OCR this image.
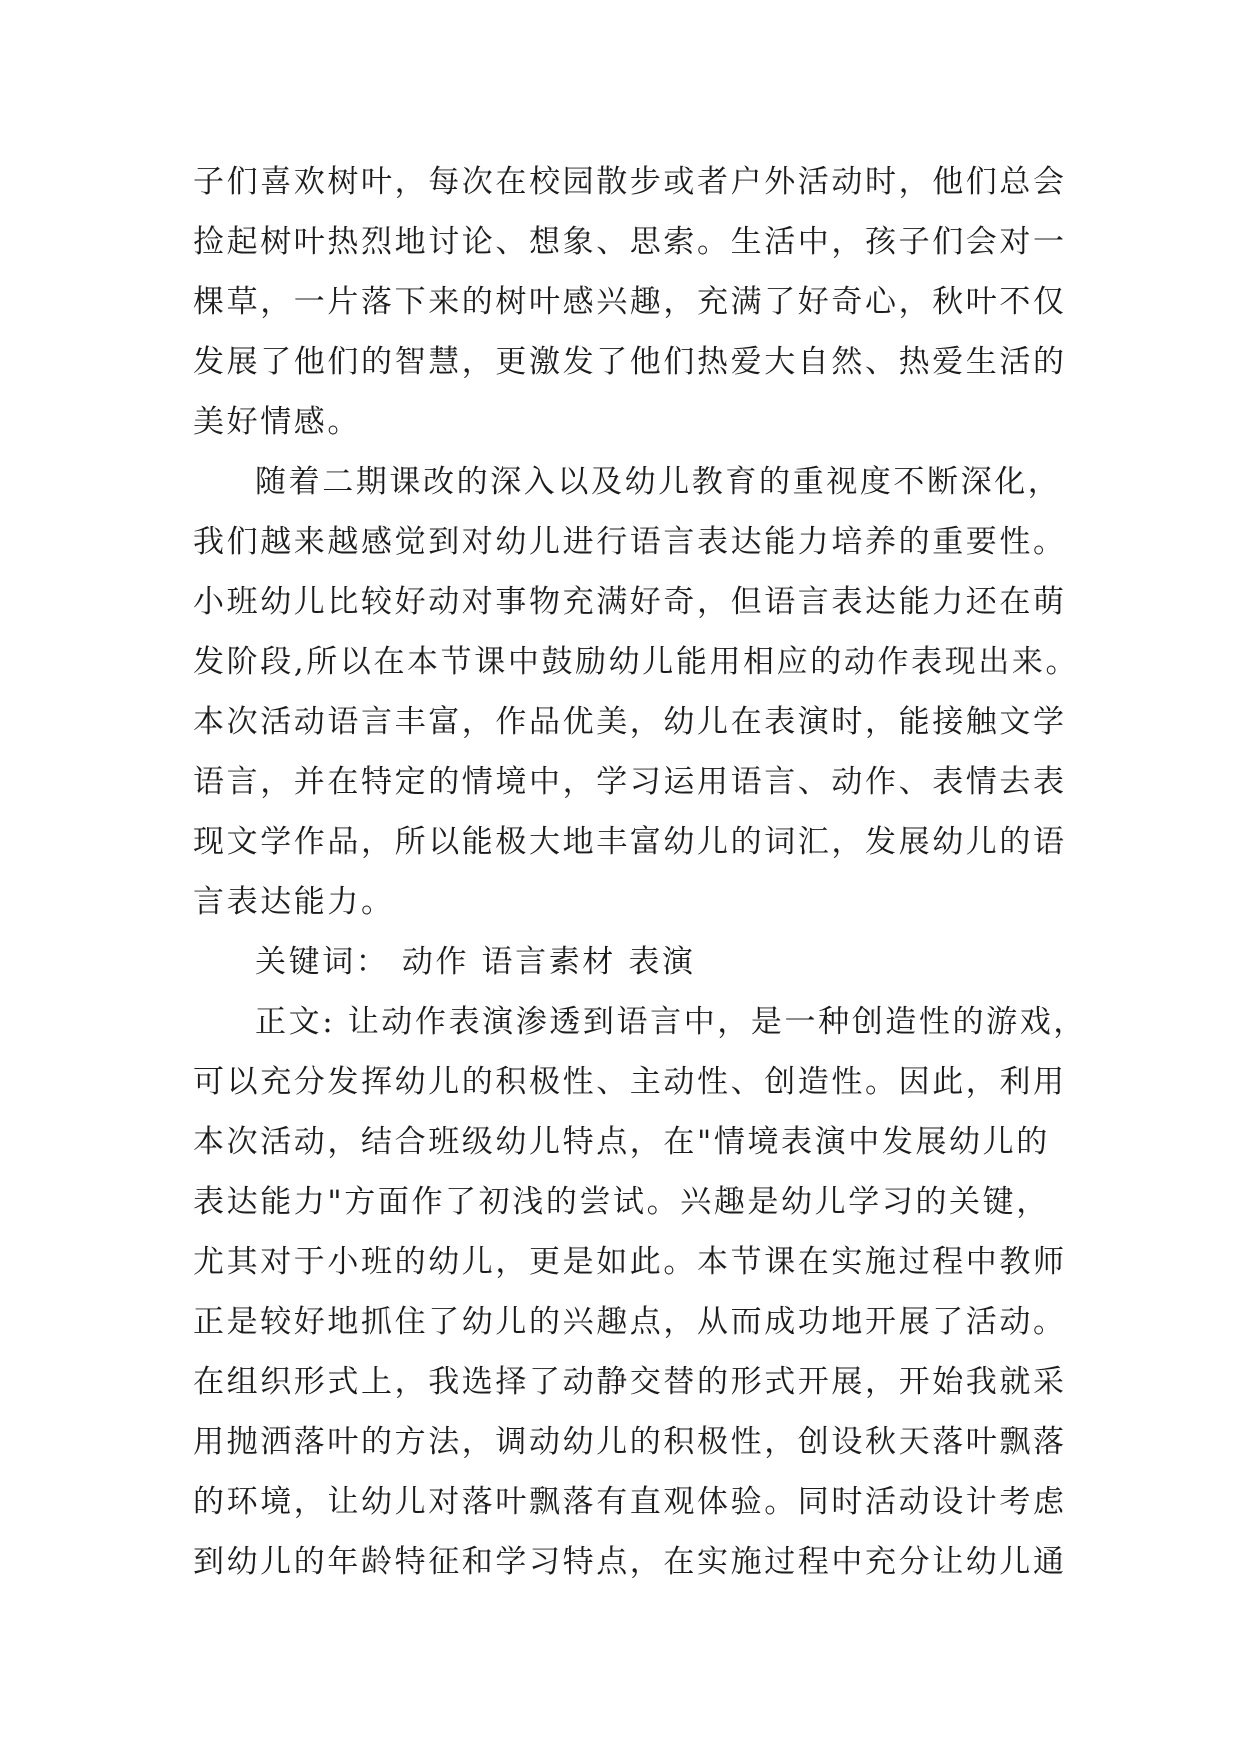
子们喜欢树叶，每次在校园散步或者户外活动时，他们总会
捡起树叶热烈地讨论、想象、思索。生活中，孩子们会对一
棵草，一片落下来的树叶感兴趣，充满了好奇心，秋叶不仅
发展了他们的智慧，更激发了他们热爱大自然、热爱生活的
美好情感。
随着二期课改的深入以及幼儿教育的重视度不断深化，
我们越来越感觉到对幼儿进行语言表达能力培养的重要性。
小班幼儿比较好动对事物充满好奇，但语言表达能力还在萌
发阶段,所以在本节课中鼓励幼儿能用相应的动作表现出来。
本次活动语言丰富，作品优美，幼儿在表演时，能接触文学
语言，并在特定的情境中，学习运用语言、动作、表情去表
现文学作品，所以能极大地丰富幼儿的词汇，发展幼儿的语
言表达能力。
关键词： 动作 语言素材 表演
正文: 让动作表演渗透到语言中，是一种创造性的游戏，
可以充分发挥幼儿的积极性、主动性、创造性。因此，利用
本次活动，结合班级幼儿特点，在"情境表演中发展幼儿的
表达能力"方面作了初浅的尝试。兴趣是幼儿学习的关键，
尤其对于小班的幼儿，更是如此。本节课在实施过程中教师
正是较好地抓住了幼儿的兴趣点，从而成功地开展了活动。
在组织形式上，我选择了动静交替的形式开展，开始我就采
用抛洒落叶的方法，调动幼儿的积极性，创设秋天落叶飘落
的环境，让幼儿对落叶飘落有直观体验。同时活动设计考虑
到幼儿的年龄特征和学习特点，在实施过程中充分让幼儿通
